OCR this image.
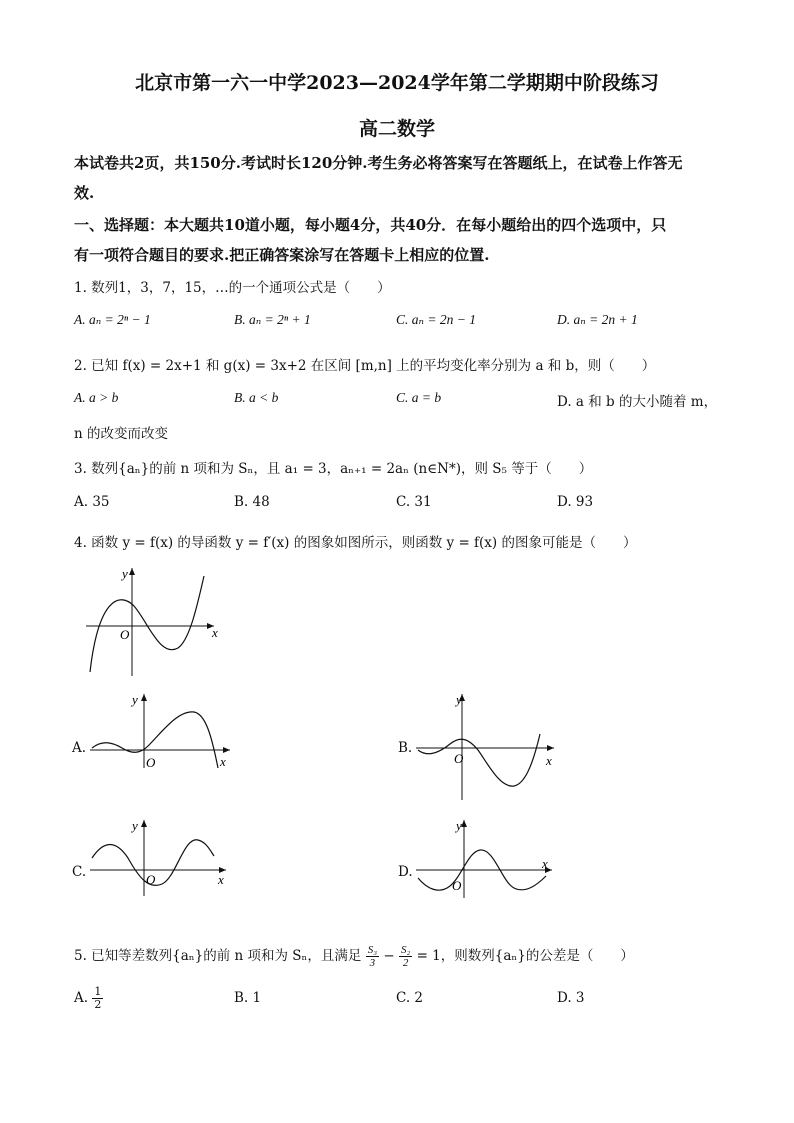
北京市第一六一中学2023—2024学年第二学期期中阶段练习
高二数学
本试卷共2页，共150分.考试时长120分钟.考生务必将答案写在答题纸上，在试卷上作答无
效.
一、选择题：本大题共10道小题，每小题4分，共40分．在每小题给出的四个选项中，只
有一项符合题目的要求.把正确答案涂写在答题卡上相应的位置.
1. 数列1，3，7，15，…的一个通项公式是（　　）
A. aₙ = 2ⁿ − 1	B. aₙ = 2ⁿ + 1	C. aₙ = 2n − 1	D. aₙ = 2n + 1
2. 已知 f(x) = 2x+1 和 g(x) = 3x+2 在区间 [m,n] 上的平均变化率分别为 a 和 b，则（　　）
A. a > b	B. a < b	C. a = b	D. a 和 b 的大小随着 m，
n 的改变而改变
3. 数列{aₙ}的前 n 项和为 Sₙ，且 a₁ = 3，aₙ₊₁ = 2aₙ (n∈N*)，则 S₅ 等于（　　）
A. 35	B. 48	C. 31	D. 93
4. 函数 y = f(x) 的导函数 y = f′(x) 的图象如图所示，则函数 y = f(x) 的图象可能是（　　）
x
y
O
A.
x
y
O
B.
x
y
O
C.	x
y
O	D.
x
y
O
5. 已知等差数列{aₙ}的前 n 项和为 Sₙ，且满足 $\frac{\text{S₃}}{3} - \frac{\text{S₂}}{2} = 1$，则数列{aₙ}的公差是（　　）
A. $\frac{1}{2}$	B. 1	C. 2	D. 3
